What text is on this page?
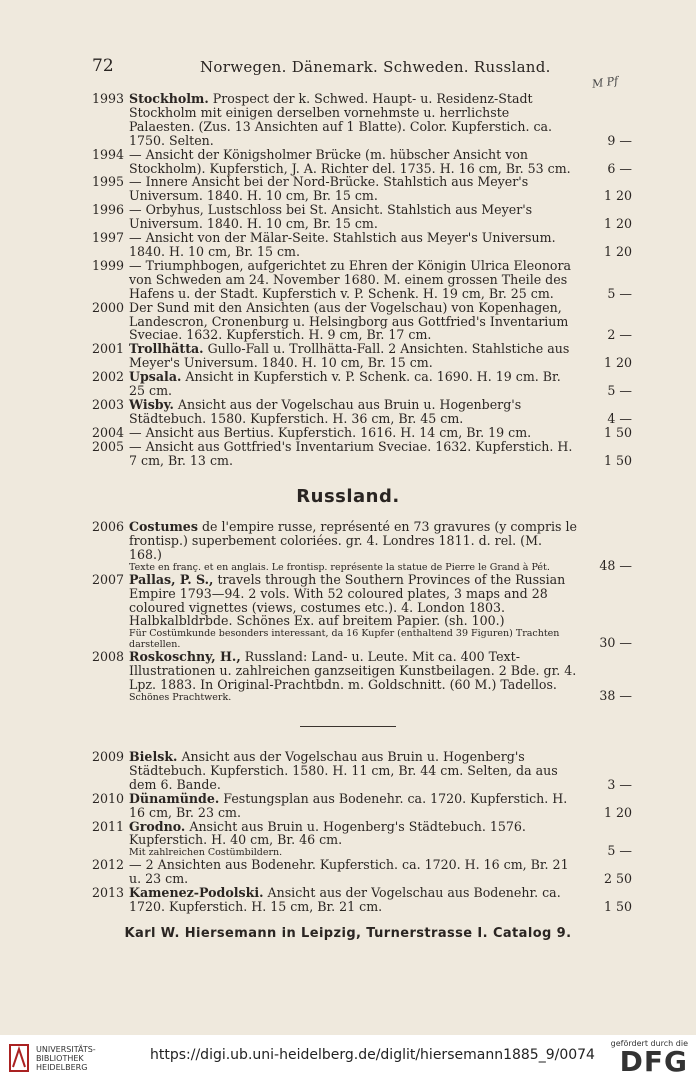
72	Norwegen. Dänemark. Schweden. Russland.
M Pf
1993 Stockholm. Prospect der k. Schwed. Haupt- u. Residenz-Stadt Stockholm mit einigen derselben vornehmste u. herrlichste Palaesten. (Zus. 13 Ansichten auf 1 Blatte). Color. Kupferstich. ca. 1750. Selten.	9 —
1994 — Ansicht der Königsholmer Brücke (m. hübscher Ansicht von Stockholm). Kupferstich, J. A. Richter del. 1735. H. 16 cm, Br. 53 cm.	6 —
1995 — Innere Ansicht bei der Nord-Brücke. Stahlstich aus Meyer's Universum. 1840. H. 10 cm, Br. 15 cm.	1 20
1996 — Orbyhus, Lustschloss bei St. Ansicht. Stahlstich aus Meyer's Universum. 1840. H. 10 cm, Br. 15 cm.	1 20
1997 — Ansicht von der Mälar-Seite. Stahlstich aus Meyer's Universum. 1840. H. 10 cm, Br. 15 cm.	1 20
1999 — Triumphbogen, aufgerichtet zu Ehren der Königin Ulrica Eleonora von Schweden am 24. November 1680. M. einem grossen Theile des Hafens u. der Stadt. Kupferstich v. P. Schenk. H. 19 cm, Br. 25 cm.	5 —
2000 Der Sund mit den Ansichten (aus der Vogelschau) von Kopenhagen, Landescron, Cronenburg u. Helsingborg aus Gottfried's Inventarium Sveciae. 1632. Kupferstich. H. 9 cm, Br. 17 cm.	2 —
2001 Trollhätta. Gullo-Fall u. Trollhätta-Fall. 2 Ansichten. Stahlstiche aus Meyer's Universum. 1840. H. 10 cm, Br. 15 cm.	1 20
2002 Upsala. Ansicht in Kupferstich v. P. Schenk. ca. 1690. H. 19 cm. Br. 25 cm.	5 —
2003 Wisby. Ansicht aus der Vogelschau aus Bruin u. Hogenberg's Städtebuch. 1580. Kupferstich. H. 36 cm, Br. 45 cm.	4 —
2004 — Ansicht aus Bertius. Kupferstich. 1616. H. 14 cm, Br. 19 cm.	1 50
2005 — Ansicht aus Gottfried's Inventarium Sveciae. 1632. Kupferstich. H. 7 cm, Br. 13 cm.	1 50
Russland.
2006 Costumes de l'empire russe, représenté en 73 gravures (y compris le frontisp.) superbement coloriées. gr. 4. Londres 1811. d. rel. (M. 168.)
Texte en franç. et en anglais. Le frontisp. représente la statue de Pierre le Grand à Pét.	48 —
2007 Pallas, P. S., travels through the Southern Provinces of the Russian Empire 1793—94. 2 vols. With 52 coloured plates, 3 maps and 28 coloured vignettes (views, costumes etc.). 4. London 1803. Halbkalbldrbde. Schönes Ex. auf breitem Papier. (sh. 100.)
Für Costümkunde besonders interessant, da 16 Kupfer (enthaltend 39 Figuren) Trachten darstellen.	30 —
2008 Roskoschny, H., Russland: Land- u. Leute. Mit ca. 400 Text-Illustrationen u. zahlreichen ganzseitigen Kunstbeilagen. 2 Bde. gr. 4. Lpz. 1883. In Original-Prachtbdn. m. Goldschnitt. (60 M.) Tadellos.
Schönes Prachtwerk.	38 —
2009 Bielsk. Ansicht aus der Vogelschau aus Bruin u. Hogenberg's Städtebuch. Kupferstich. 1580. H. 11 cm, Br. 44 cm. Selten, da aus dem 6. Bande.	3 —
2010 Dünamünde. Festungsplan aus Bodenehr. ca. 1720. Kupferstich. H. 16 cm, Br. 23 cm.	1 20
2011 Grodno. Ansicht aus Bruin u. Hogenberg's Städtebuch. 1576. Kupferstich. H. 40 cm, Br. 46 cm.
Mit zahlreichen Costümbildern.	5 —
2012 — 2 Ansichten aus Bodenehr. Kupferstich. ca. 1720. H. 16 cm, Br. 21 u. 23 cm.	2 50
2013 Kamenez-Podolski. Ansicht aus der Vogelschau aus Bodenehr. ca. 1720. Kupferstich. H. 15 cm, Br. 21 cm.	1 50
Karl W. Hiersemann in Leipzig, Turnerstrasse I. Catalog 9.
UNIVERSITÄTS-
BIBLIOTHEK
HEIDELBERG
https://digi.ub.uni-heidelberg.de/diglit/hiersemann1885_9/0074
gefördert durch die
DFG
